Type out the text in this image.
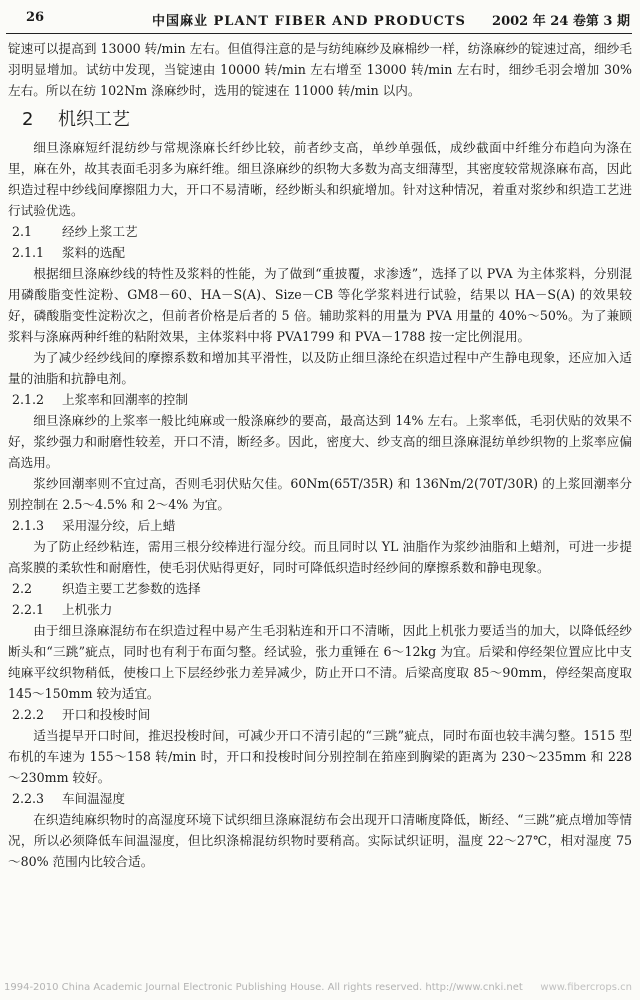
26	中国麻业 PLANT FIBER AND PRODUCTS 2002 年 24 卷第 3 期

锭速可以提高到 13000 转/min 左右。但值得注意的是与纺纯麻纱及麻棉纱一样，纺涤麻纱的锭速过高，细纱毛羽明显增加。试纺中发现，当锭速由 10000 转/min 左右增至 13000 转/min 左右时，细纱毛羽会增加 30% 左右。所以在纺 102Nm 涤麻纱时，选用的锭速在 11000 转/min 以内。

2 机织工艺

细旦涤麻短纤混纺纱与常规涤麻长纤纱比较，前者纱支高，单纱单强低，成纱截面中纤维分布趋向为涤在里，麻在外，故其表面毛羽多为麻纤维。细旦涤麻纱的织物大多数为高支细薄型，其密度较常规涤麻布高，因此织造过程中纱线间摩擦阻力大，开口不易清晰，经纱断头和织疵增加。针对这种情况，着重对浆纱和织造工艺进行试验优选。

2.1 经纱上浆工艺
2.1.1 浆料的选配

根据细旦涤麻纱线的特性及浆料的性能，为了做到“重披覆，求渗透”，选择了以 PVA 为主体浆料，分别混用磷酸脂变性淀粉、GM8－60、HA－S(A)、Size－CB 等化学浆料进行试验，结果以 HA－S(A) 的效果较好，磷酸脂变性淀粉次之，但前者价格是后者的 5 倍。辅助浆料的用量为 PVA 用量的 40%～50%。为了兼顾浆料与涤麻两种纤维的粘附效果，主体浆料中将 PVA1799 和 PVA－1788 按一定比例混用。

为了减少经纱线间的摩擦系数和增加其平滑性，以及防止细旦涤纶在织造过程中产生静电现象，还应加入适量的油脂和抗静电剂。

2.1.2 上浆率和回潮率的控制

细旦涤麻纱的上浆率一般比纯麻或一般涤麻纱的要高，最高达到 14% 左右。上浆率低，毛羽伏贴的效果不好，浆纱强力和耐磨性较差，开口不清，断经多。因此，密度大、纱支高的细旦涤麻混纺单纱织物的上浆率应偏高选用。

浆纱回潮率则不宜过高，否则毛羽伏贴欠佳。60Nm(65T/35R) 和 136Nm/2(70T/30R) 的上浆回潮率分别控制在 2.5～4.5% 和 2～4% 为宜。

2.1.3 采用湿分绞，后上蜡

为了防止经纱粘连，需用三根分绞棒进行湿分绞。而且同时以 YL 油脂作为浆纱油脂和上蜡剂，可进一步提高浆膜的柔软性和耐磨性，使毛羽伏贴得更好，同时可降低织造时经纱间的摩擦系数和静电现象。

2.2 织造主要工艺参数的选择
2.2.1 上机张力

由于细旦涤麻混纺布在织造过程中易产生毛羽粘连和开口不清晰，因此上机张力要适当的加大，以降低经纱断头和“三跳”疵点，同时也有利于布面匀整。经试验，张力重锤在 6～12kg 为宜。后梁和停经架位置应比中支纯麻平纹织物稍低，使梭口上下层经纱张力差异减少，防止开口不清。后梁高度取 85～90mm，停经架高度取 145～150mm 较为适宜。

2.2.2 开口和投梭时间

适当提早开口时间，推迟投梭时间，可减少开口不清引起的“三跳”疵点，同时布面也较丰满匀整。1515 型布机的车速为 155～158 转/min 时，开口和投梭时间分别控制在筘座到胸梁的距离为 230～235mm 和 228～230mm 较好。

2.2.3 车间温湿度

在织造纯麻织物时的高湿度环境下试织细旦涤麻混纺布会出现开口清晰度降低，断经、“三跳”疵点增加等情况，所以必须降低车间温湿度，但比织涤棉混纺织物时要稍高。实际试织证明，温度 22～27℃，相对湿度 75～80% 范围内比较合适。

1994-2010 China Academic Journal Electronic Publishing House. All rights reserved. http://www.cnki.net www.fibercrops.cn
